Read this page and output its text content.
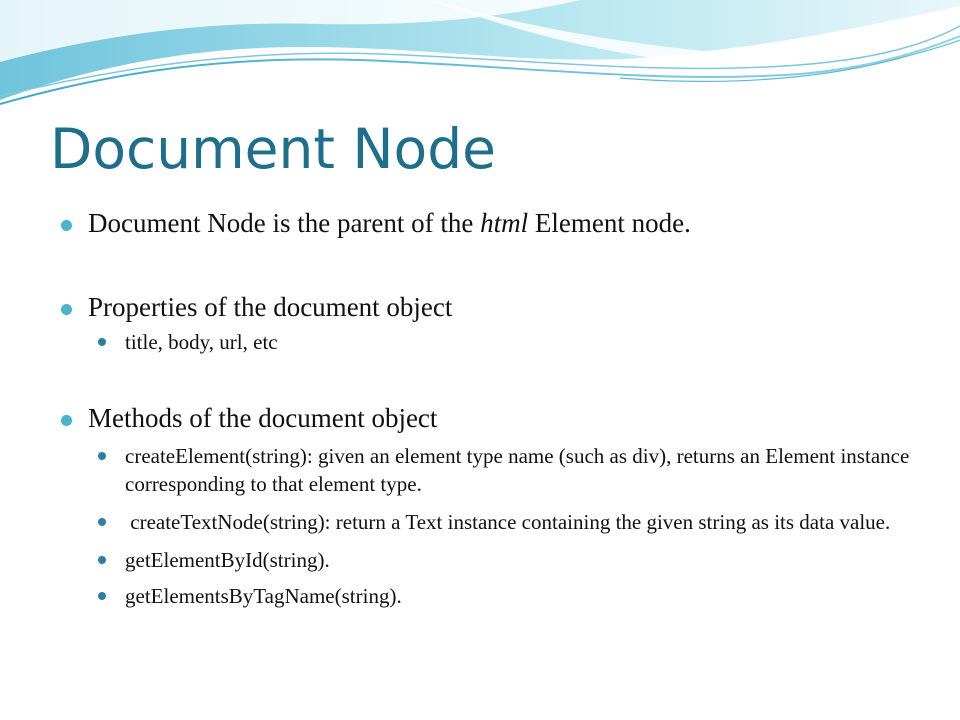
Document Node
Document Node is the parent of the html Element node.
Properties of the document object
title, body, url, etc
Methods of the document object
createElement(string): given an element type name (such as div), returns an Element instance corresponding to that element type.
createTextNode(string): return a Text instance containing the given string as its data value.
getElementById(string).
getElementsByTagName(string).
